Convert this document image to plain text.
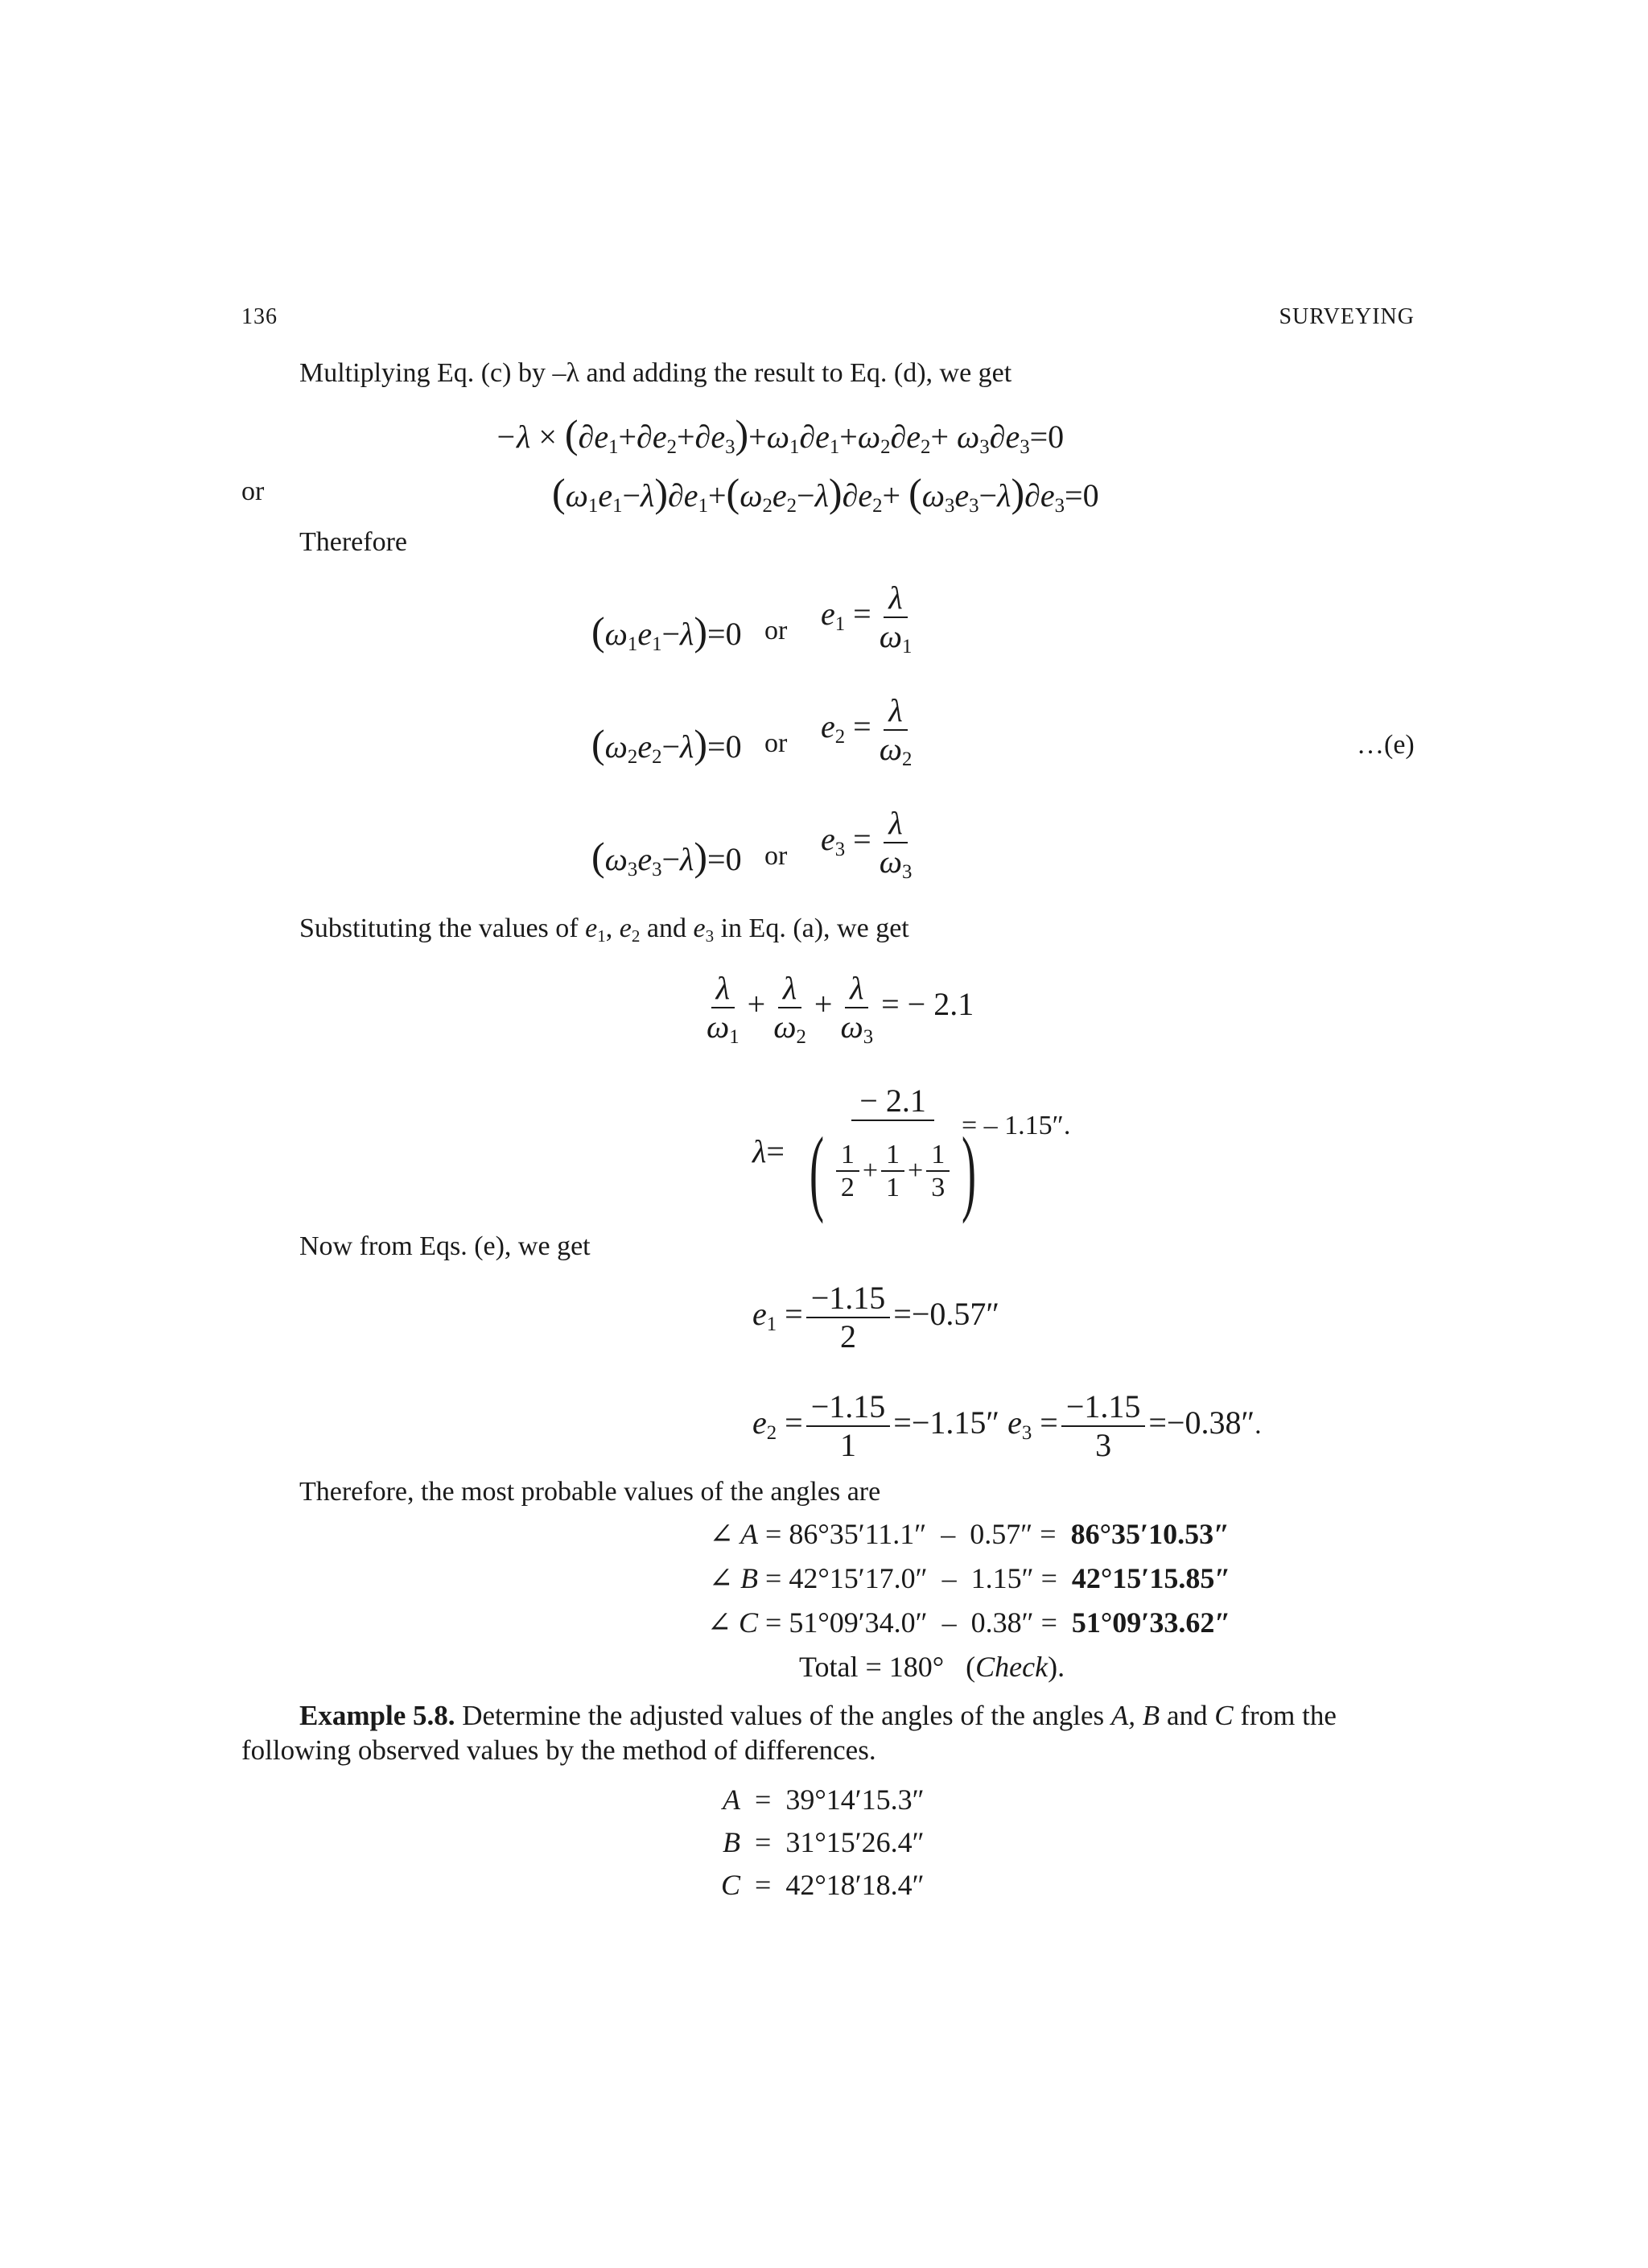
136	SURVEYING
Multiplying Eq. (c) by –λ and adding the result to Eq. (d), we get
$-\lambda \times (\partial e_1+\partial e_2+\partial e_3)+\omega_1\partial e_1+\omega_2\partial e_2+ \omega_3\partial e_3=0$
or	$(\omega_1e_1-\lambda)\partial e_1+(\omega_2e_2-\lambda)\partial e_2+ (\omega_3e_3-\lambda)\partial e_3=0$
Therefore
$(\omega_1e_1-\lambda)=0$ or $e_1 = \frac{\lambda}{\omega_1}$
$(\omega_2e_2-\lambda)=0$ or $e_2 = \frac{\lambda}{\omega_2}$	…(e)
$(\omega_3e_3-\lambda)=0$ or $e_3 = \frac{\lambda}{\omega_3}$
Substituting the values of $e_1$, $e_2$ and $e_3$ in Eq. (a), we get
$\frac{\lambda}{\omega_1} + \frac{\lambda}{\omega_2} + \frac{\lambda}{\omega_3}$ = − 2.1
$\lambda= \frac{- 2.1}{( \frac{1}{2} + \frac{1}{1} + \frac{1}{3} )}$
= – 1.15″.
Now from Eqs. (e), we get
$e_1 = \frac{-1.15}{2} =-0.57''$
$e_2 = \frac{-1.15}{1} =-1.15''$ $e_3 = \frac{-1.15}{3} =-0.38''$.
Therefore, the most probable values of the angles are
∠ A = 86°35′11.1″  –  0.57″ =  86°35′10.53″
∠ B = 42°15′17.0″  –  1.15″ =  42°15′15.85″
∠ C = 51°09′34.0″  –  0.38″ =  51°09′33.62″
Total = 180°   (Check).
Example 5.8. Determine the adjusted values of the angles of the angles A, B and C from the
following observed values by the method of differences.
A  =  39°14′15.3″
B  =  31°15′26.4″
C  =  42°18′18.4″
